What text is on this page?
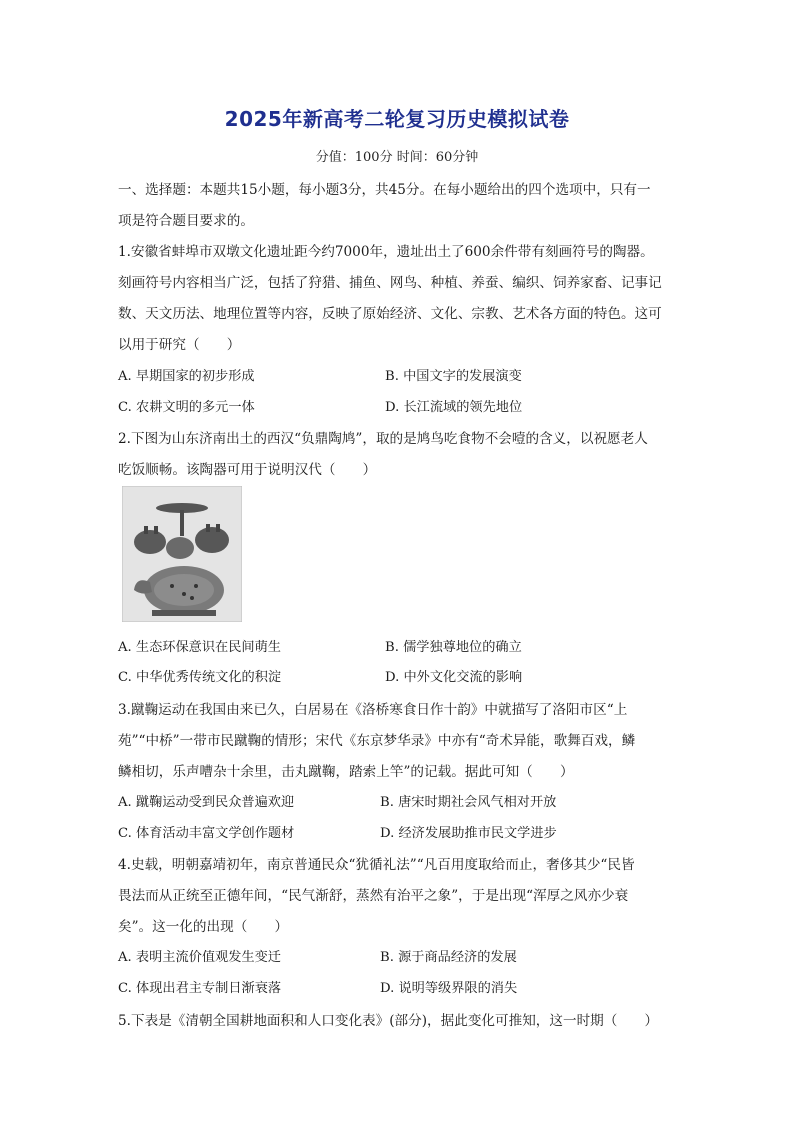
2025年新高考二轮复习历史模拟试卷
分值：100分 时间：60分钟
一、选择题：本题共15小题，每小题3分，共45分。在每小题给出的四个选项中，只有一
项是符合题目要求的。
1.安徽省蚌埠市双墩文化遗址距今约7000年，遗址出土了600余件带有刻画符号的陶器。
刻画符号内容相当广泛，包括了狩猎、捕鱼、网鸟、种植、养蚕、编织、饲养家畜、记事记
数、天文历法、地理位置等内容，反映了原始经济、文化、宗教、艺术各方面的特色。这可
以用于研究（　　）
A. 早期国家的初步形成	B. 中国文字的发展演变
C. 农耕文明的多元一体	D. 长江流域的领先地位
2.下图为山东济南出土的西汉“负鼎陶鸠”，取的是鸠鸟吃食物不会噎的含义，以祝愿老人
吃饭顺畅。该陶器可用于说明汉代（　　）
A. 生态环保意识在民间萌生	B. 儒学独尊地位的确立
C. 中华优秀传统文化的积淀	D. 中外文化交流的影响
3.蹴鞠运动在我国由来已久，白居易在《洛桥寒食日作十韵》中就描写了洛阳市区“上
苑”“中桥”一带市民蹴鞠的情形；宋代《东京梦华录》中亦有“奇术异能，歌舞百戏，鳞
鳞相切，乐声嘈杂十余里，击丸蹴鞠，踏索上竿”的记载。据此可知（　　）
A. 蹴鞠运动受到民众普遍欢迎	B. 唐宋时期社会风气相对开放
C. 体育活动丰富文学创作题材	D. 经济发展助推市民文学进步
4.史载，明朝嘉靖初年，南京普通民众“犹循礼法”“凡百用度取给而止，奢侈其少“民皆
畏法而从正统至正德年间，“民气渐舒，蒸然有治平之象”，于是出现“浑厚之风亦少衰
矣”。这一化的出现（　　）
A. 表明主流价值观发生变迁	B. 源于商品经济的发展
C. 体现出君主专制日渐衰落	D. 说明等级界限的消失
5.下表是《清朝全国耕地面积和人口变化表》(部分)，据此变化可推知，这一时期（　　）
